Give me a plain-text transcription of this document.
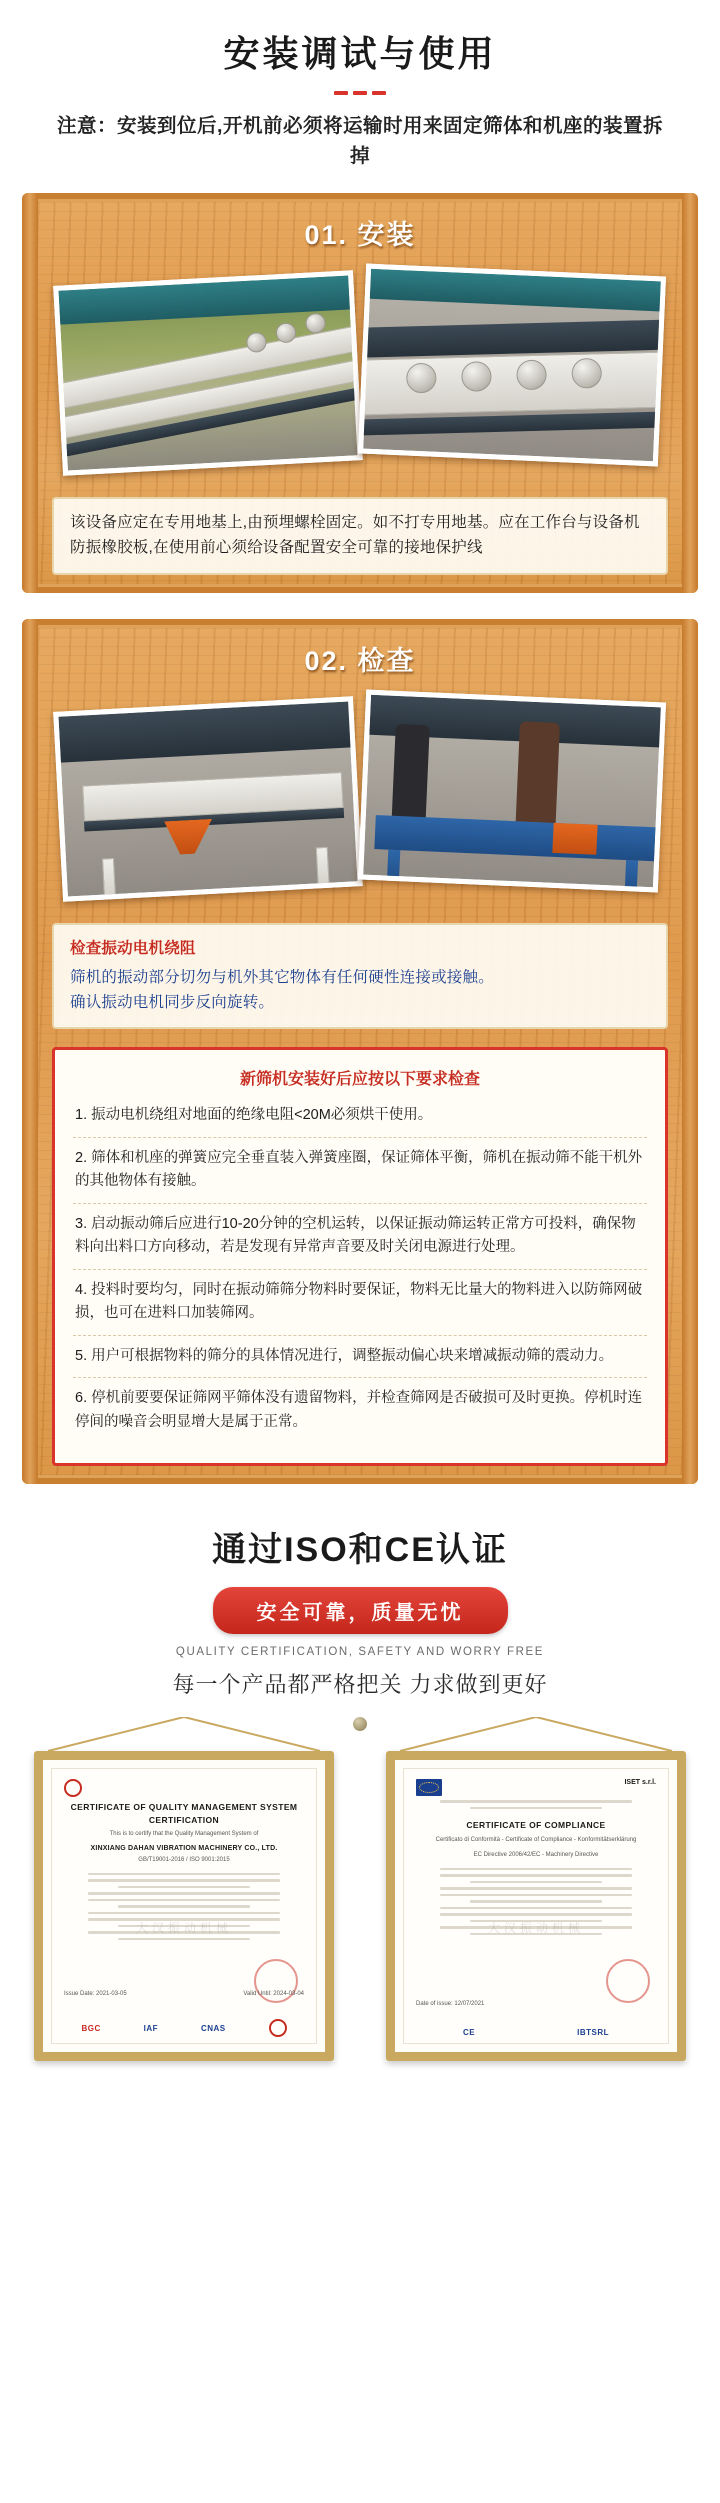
安装调试与使用

注意：安装到位后,开机前必须将运输时用来固定筛体和机座的装置拆掉

01. 安装
该设备应定在专用地基上,由预埋螺栓固定。如不打专用地基。应在工作台与设备机防振橡胶板,在使用前心须给设备配置安全可靠的接地保护线
02. 检查
检查振动电机绕阻
筛机的振动部分切勿与机外其它物体有任何硬性连接或接触。
确认振动电机同步反向旋转。
新筛机安装好后应按以下要求检查
1. 振动电机绕组对地面的绝缘电阻<20M必须烘干使用。
2. 筛体和机座的弹簧应完全垂直装入弹簧座圈，保证筛体平衡，筛机在振动筛不能干机外的其他物体有接触。
3. 启动振动筛后应进行10-20分钟的空机运转，以保证振动筛运转正常方可投料，确保物料向出料口方向移动，若是发现有异常声音要及时关闭电源进行处理。
4. 投料时要均匀，同时在振动筛筛分物料时要保证，物料无比量大的物料进入以防筛网破损，也可在进料口加装筛网。
5. 用户可根据物料的筛分的具体情况进行，调整振动偏心块来增减振动筛的震动力。
6. 停机前要要保证筛网平筛体没有遗留物料，并检查筛网是否破损可及时更换。停机时连停间的噪音会明显增大是属于正常。
通过ISO和CE认证
安全可靠，质量无忧
QUALITY CERTIFICATION, SAFETY AND WORRY FREE
每一个产品都严格把关 力求做到更好

CERTIFICATE OF QUALITY MANAGEMENT SYSTEM CERTIFICATION
This is to certify that the Quality Management System of
XINXIANG DAHAN VIBRATION MACHINERY CO., LTD.
GB/T19001-2016 / ISO 9001:2015
大汉振动机械
Issue Date: 2021-03-05	Valid Until: 2024-03-04
BGC	IAF	CNAS
ISET s.r.l.
CERTIFICATE OF COMPLIANCE
Certificato di Conformità - Certificate of Compliance - Konformitätserklärung
EC Directive 2006/42/EC - Machinery Directive
大汉振动机械
Date of issue: 12/07/2021
CE	IBTSRL
